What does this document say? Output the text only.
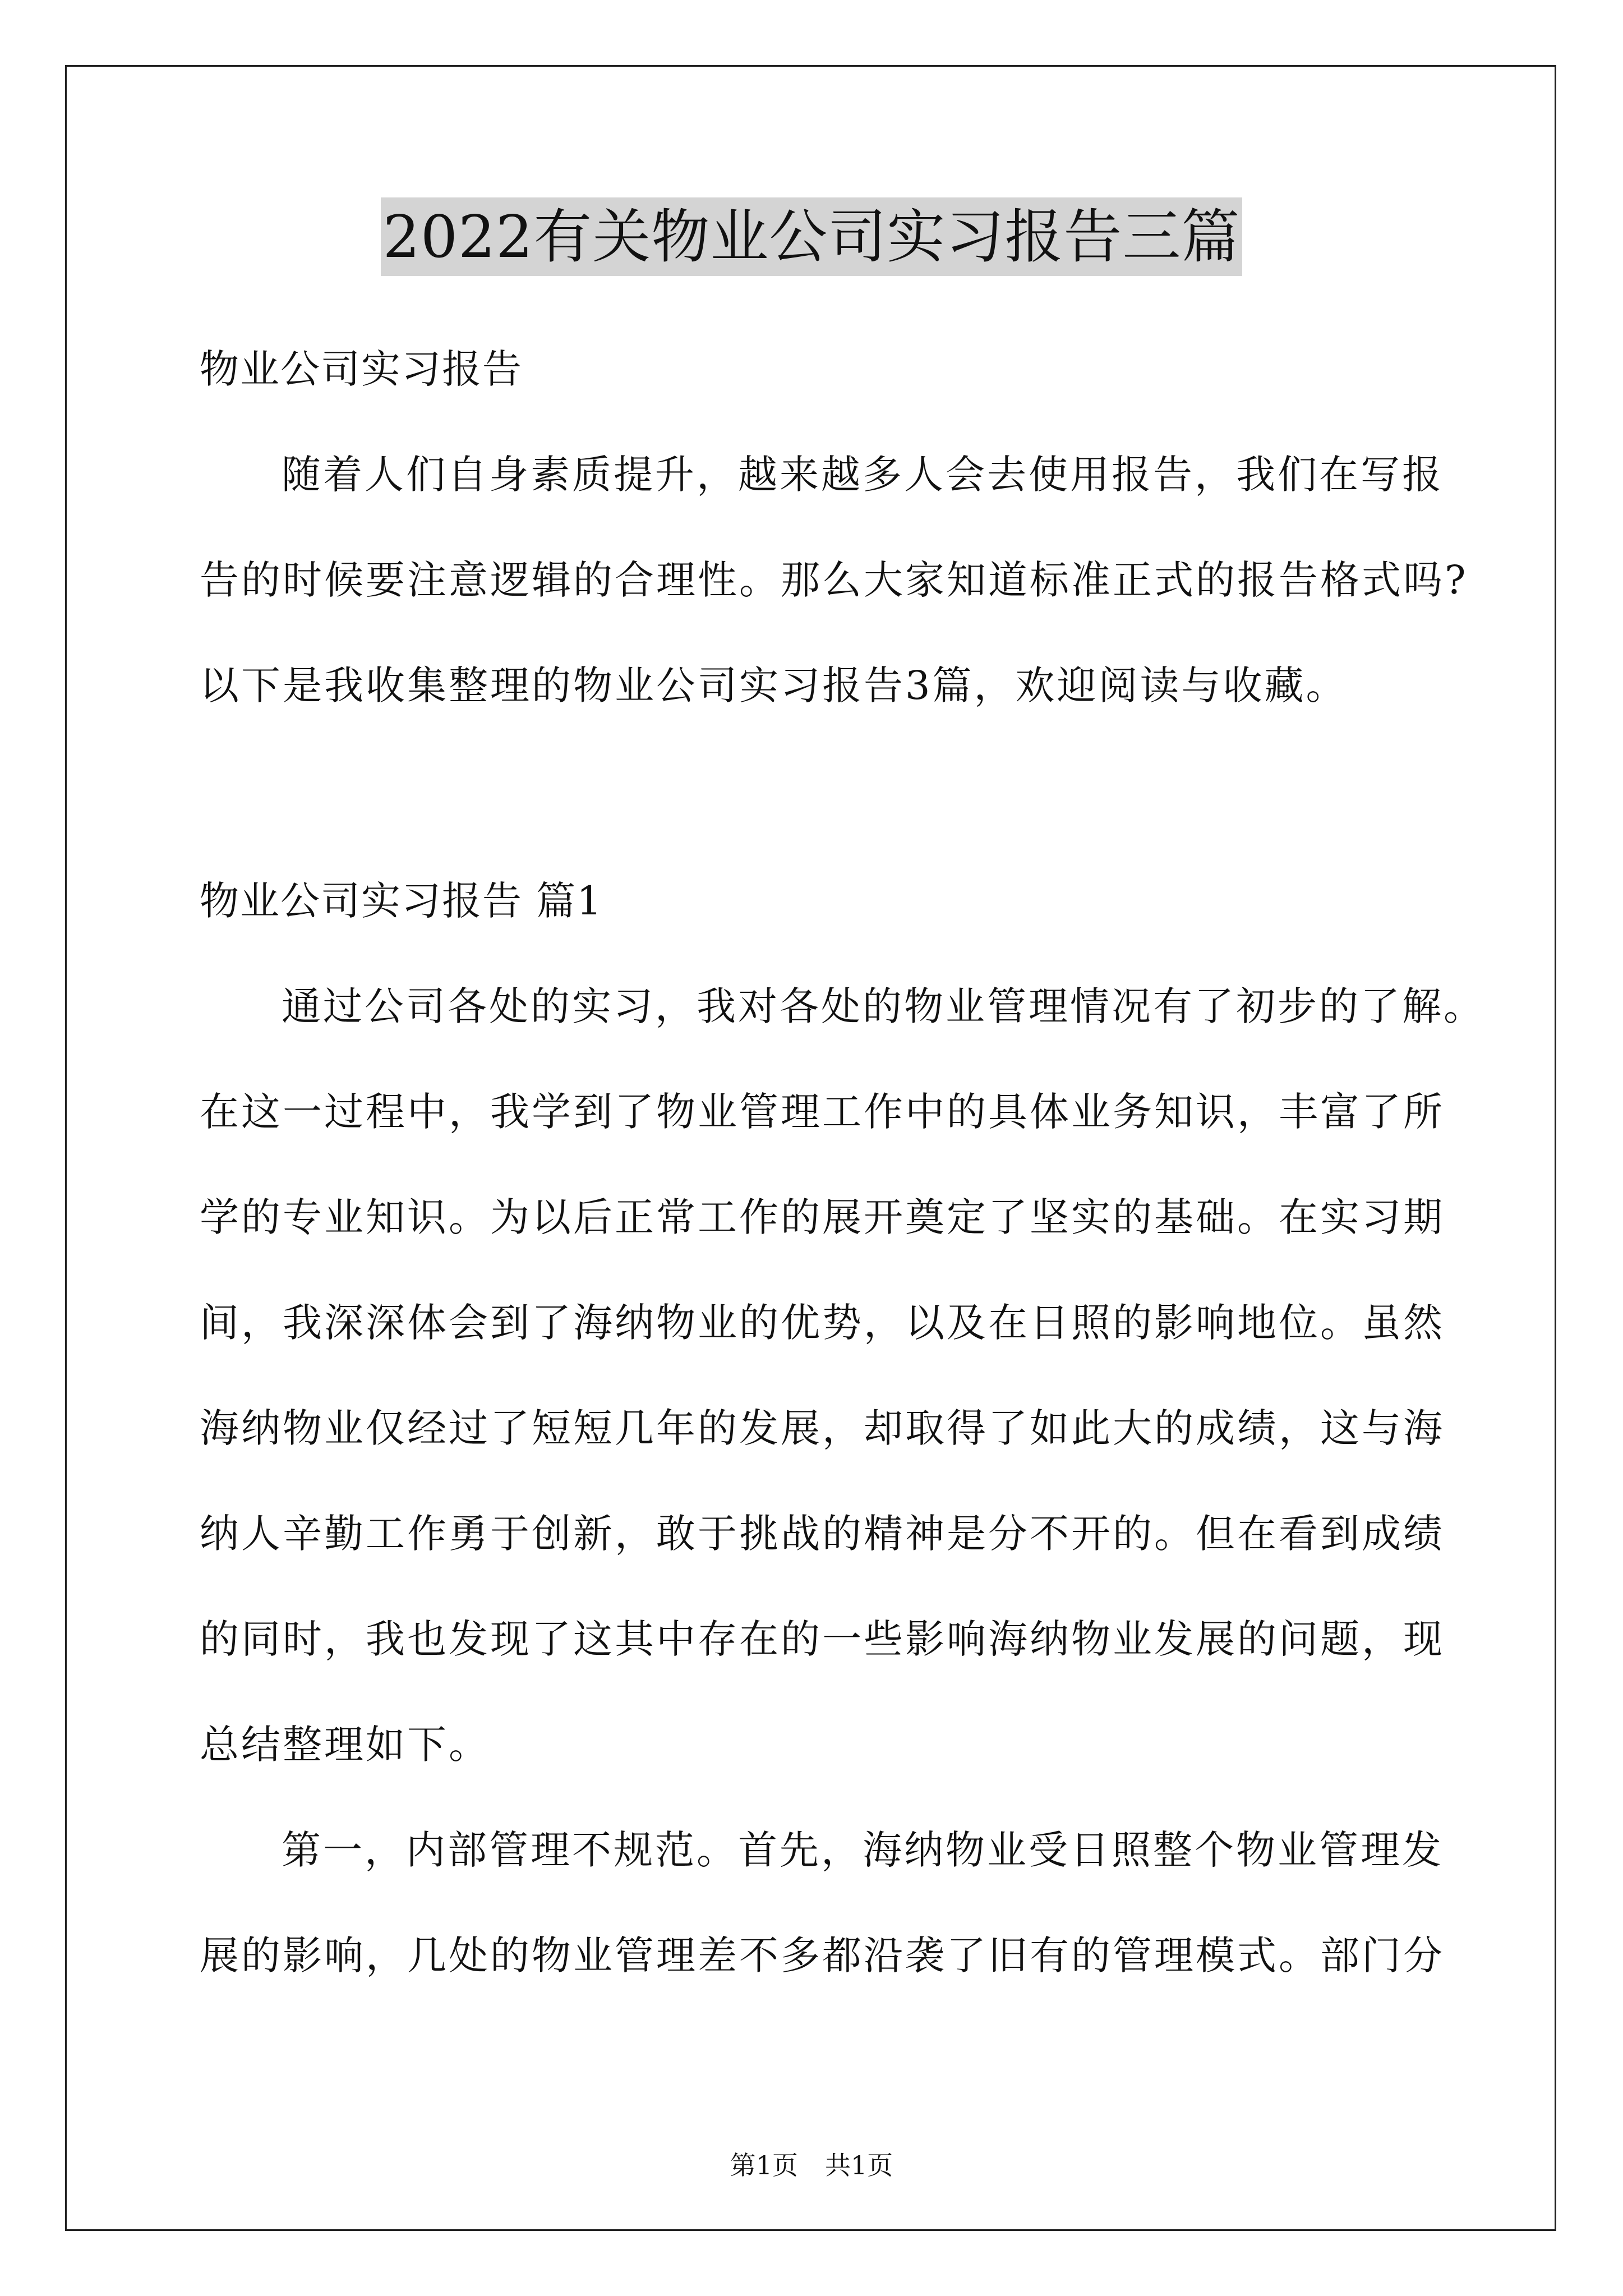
2022有关物业公司实习报告三篇
物业公司实习报告
随着人们自身素质提升，越来越多人会去使用报告，我们在写报
告的时候要注意逻辑的合理性。那么大家知道标准正式的报告格式吗?
以下是我收集整理的物业公司实习报告3篇，欢迎阅读与收藏。
物业公司实习报告 篇1
通过公司各处的实习，我对各处的物业管理情况有了初步的了解。
在这一过程中，我学到了物业管理工作中的具体业务知识，丰富了所
学的专业知识。为以后正常工作的展开奠定了坚实的基础。在实习期
间，我深深体会到了海纳物业的优势，以及在日照的影响地位。虽然
海纳物业仅经过了短短几年的发展，却取得了如此大的成绩，这与海
纳人辛勤工作勇于创新，敢于挑战的精神是分不开的。但在看到成绩
的同时，我也发现了这其中存在的一些影响海纳物业发展的问题，现
总结整理如下。
第一，内部管理不规范。首先，海纳物业受日照整个物业管理发
展的影响，几处的物业管理差不多都沿袭了旧有的管理模式。部门分
第1页 共1页
